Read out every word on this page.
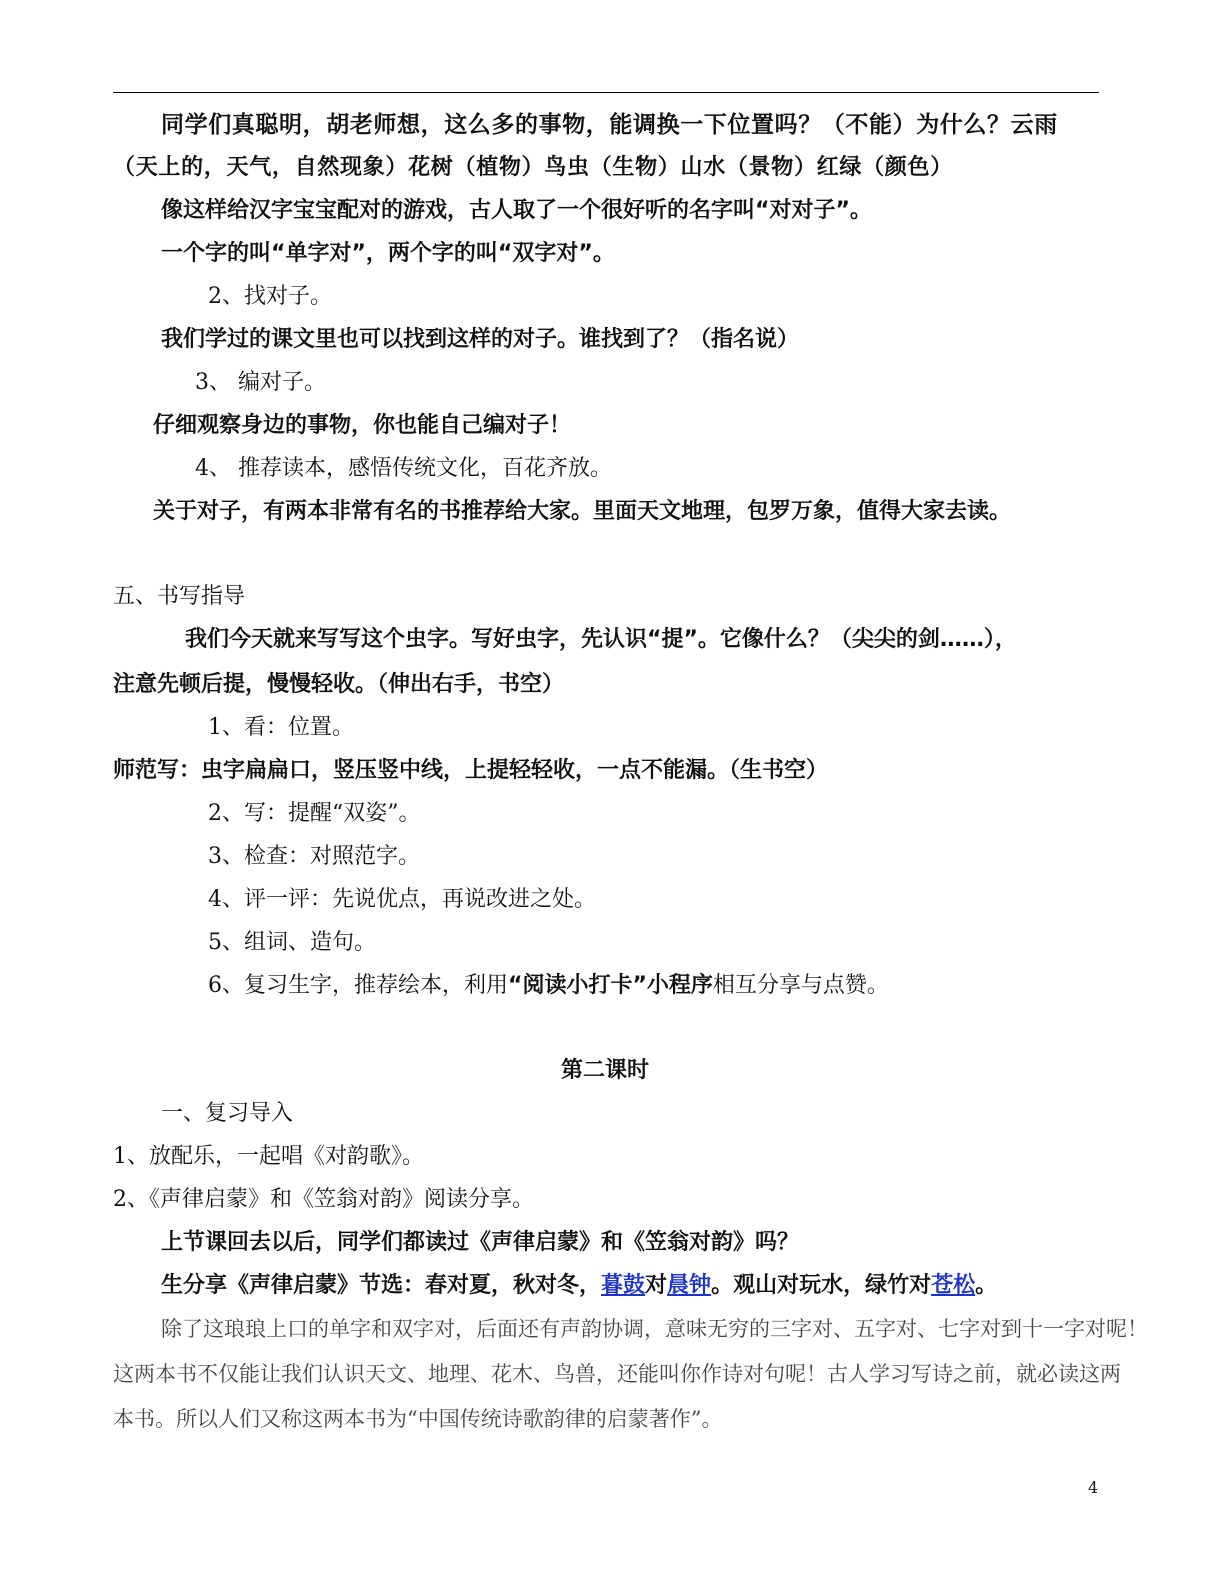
同学们真聪明，胡老师想，这么多的事物，能调换一下位置吗？（不能）为什么？云雨
（天上的，天气，自然现象）花树（植物）鸟虫（生物）山水（景物）红绿（颜色）
像这样给汉字宝宝配对的游戏，古人取了一个很好听的名字叫“对对子”。
一个字的叫“单字对”，两个字的叫“双字对”。
2、找对子。
我们学过的课文里也可以找到这样的对子。谁找到了？（指名说）
3、 编对子。
仔细观察身边的事物，你也能自己编对子！
4、 推荐读本，感悟传统文化，百花齐放。
关于对子，有两本非常有名的书推荐给大家。里面天文地理，包罗万象，值得大家去读。
五、书写指导
我们今天就来写写这个虫字。写好虫字，先认识“提”。它像什么？（尖尖的剑……），
注意先顿后提，慢慢轻收。（伸出右手，书空）
1、看：位置。
师范写：虫字扁扁口，竖压竖中线，上提轻轻收，一点不能漏。（生书空）
2、写：提醒“双姿”。
3、检查：对照范字。
4、评一评：先说优点，再说改进之处。
5、组词、造句。
6、复习生字，推荐绘本，利用“阅读小打卡”小程序相互分享与点赞。
第二课时
一、复习导入
1、放配乐，一起唱《对韵歌》。
2、《声律启蒙》和《笠翁对韵》阅读分享。
上节课回去以后，同学们都读过《声律启蒙》和《笠翁对韵》吗？
生分享《声律启蒙》节选：春对夏，秋对冬，暮鼓对晨钟。观山对玩水，绿竹对苍松。
除了这琅琅上口的单字和双字对，后面还有声韵协调，意味无穷的三字对、五字对、七字对到十一字对呢！
这两本书不仅能让我们认识天文、地理、花木、鸟兽，还能叫你作诗对句呢！古人学习写诗之前，就必读这两
本书。所以人们又称这两本书为“中国传统诗歌韵律的启蒙著作”。
4
